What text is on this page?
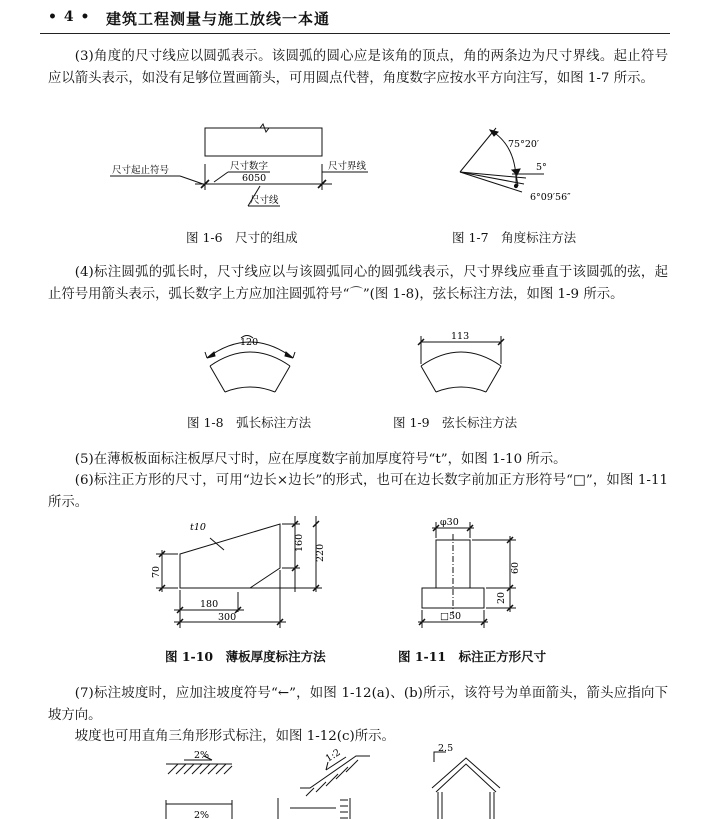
• 4 • 建筑工程测量与施工放线一本通
(3)角度的尺寸线应以圆弧表示。该圆弧的圆心应是该角的顶点，角的两条边为尺寸界线。起止符号应以箭头表示，如没有足够位置画箭头，可用圆点代替，角度数字应按水平方向注写，如图 1-7 所示。
尺寸起止符号	尺寸数字
6050
尺寸界线
尺寸线
图 1-6　尺寸的组成
75°20′
5°
6°09′56″
图 1-7　角度标注方法
(4)标注圆弧的弧长时，尺寸线应以与该圆弧同心的圆弧线表示，尺寸界线应垂直于该圆弧的弦，起止符号用箭头表示，弧长数字上方应加注圆弧符号“⌒”(图 1-8)，弦长标注方法，如图 1-9 所示。
120
图 1-8　弧长标注方法
113
图 1-9　弦长标注方法
(5)在薄板板面标注板厚尺寸时，应在厚度数字前加厚度符号“t”，如图 1-10 所示。
(6)标注正方形的尺寸，可用“边长×边长”的形式，也可在边长数字前加正方形符号“□”，如图 1-11 所示。
t10
160
220
70
180
300
图 1-10　薄板厚度标注方法
φ30
60
20
□50
图 1-11　标注正方形尺寸
(7)标注坡度时，应加注坡度符号“←”，如图 1-12(a)、(b)所示，该符号为单面箭头，箭头应指向下坡方向。
坡度也可用直角三角形形式标注，如图 1-12(c)所示。
2%
2%
1:2	2.5
